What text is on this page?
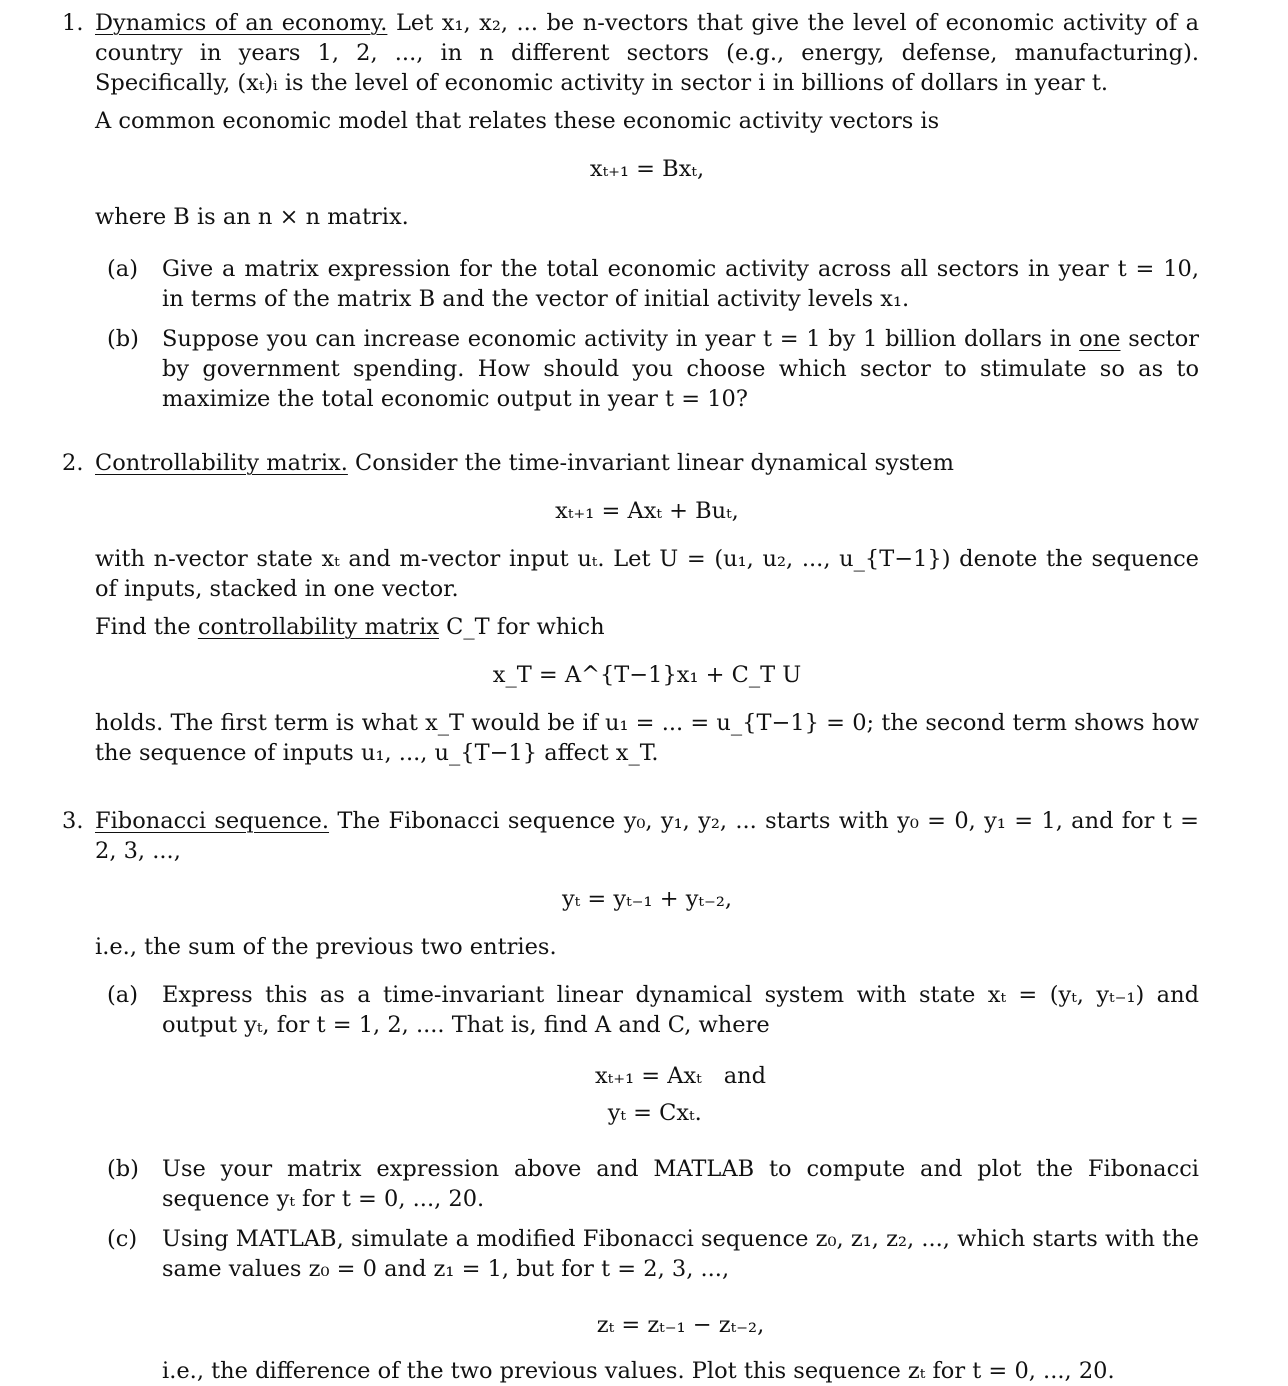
1. Dynamics of an economy. Let x₁, x₂, ... be n-vectors that give the level of economic activity of a country in years 1, 2, ..., in n different sectors (e.g., energy, defense, manufacturing). Specifically, (xₜ)ᵢ is the level of economic activity in sector i in billions of dollars in year t.

A common economic model that relates these economic activity vectors is

xₜ₊₁ = Bxₜ,

where B is an n × n matrix.

(a) Give a matrix expression for the total economic activity across all sectors in year t = 10, in terms of the matrix B and the vector of initial activity levels x₁.

(b) Suppose you can increase economic activity in year t = 1 by 1 billion dollars in one sector by government spending. How should you choose which sector to stimulate so as to maximize the total economic output in year t = 10?

2. Controllability matrix. Consider the time-invariant linear dynamical system

xₜ₊₁ = Axₜ + Buₜ,

with n-vector state xₜ and m-vector input uₜ. Let U = (u₁, u₂, ..., u_{T−1}) denote the sequence of inputs, stacked in one vector.

Find the controllability matrix C_T for which

x_T = A^{T−1}x₁ + C_T U

holds. The first term is what x_T would be if u₁ = ... = u_{T−1} = 0; the second term shows how the sequence of inputs u₁, ..., u_{T−1} affect x_T.

3. Fibonacci sequence. The Fibonacci sequence y₀, y₁, y₂, ... starts with y₀ = 0, y₁ = 1, and for t = 2, 3, ...,

yₜ = yₜ₋₁ + yₜ₋₂,

i.e., the sum of the previous two entries.

(a) Express this as a time-invariant linear dynamical system with state xₜ = (yₜ, yₜ₋₁) and output yₜ, for t = 1, 2, .... That is, find A and C, where

xₜ₊₁ = Axₜ	and
yₜ = Cxₜ.	
(b) Use your matrix expression above and MATLAB to compute and plot the Fibonacci sequence yₜ for t = 0, ..., 20.

(c) Using MATLAB, simulate a modified Fibonacci sequence z₀, z₁, z₂, ..., which starts with the same values z₀ = 0 and z₁ = 1, but for t = 2, 3, ...,

zₜ = zₜ₋₁ − zₜ₋₂,

i.e., the difference of the two previous values. Plot this sequence zₜ for t = 0, ..., 20.
